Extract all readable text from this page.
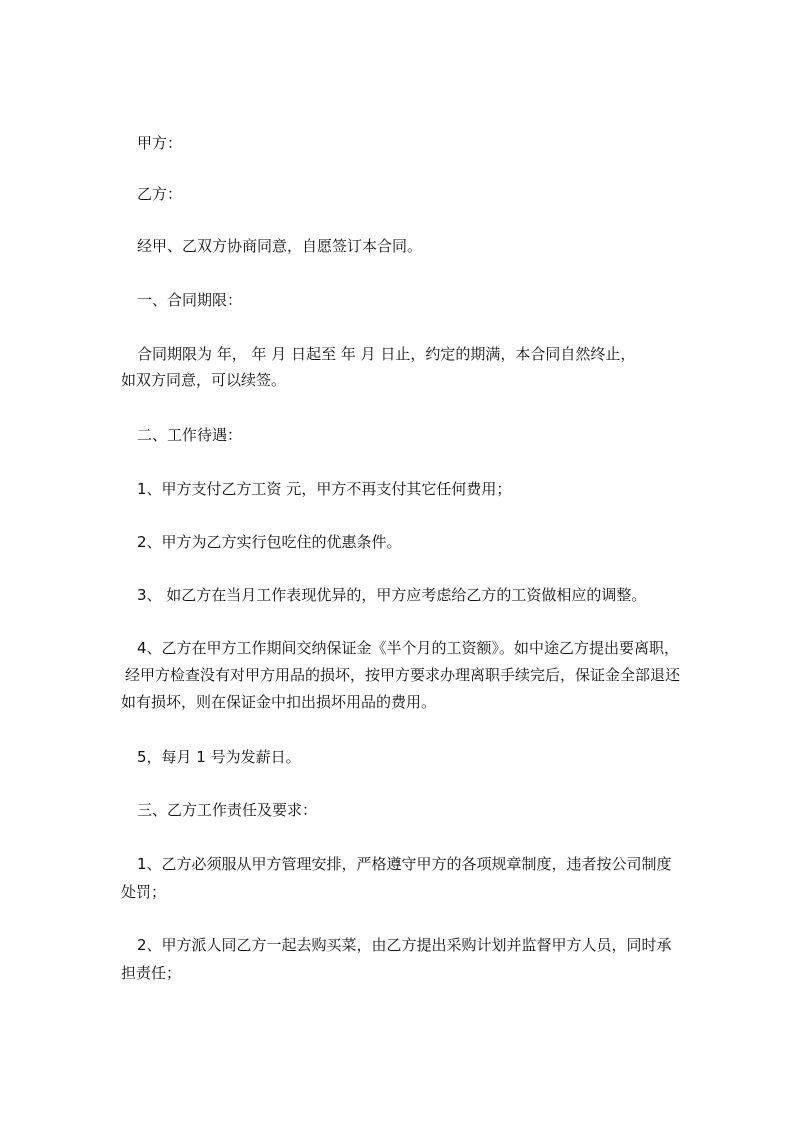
甲方：
乙方：
经甲、乙双方协商同意，自愿签订本合同。
一、合同期限：
合同期限为 年， 年 月 日起至 年 月 日止，约定的期满，本合同自然终止，
如双方同意，可以续签。
二、工作待遇：
1、甲方支付乙方工资 元，甲方不再支付其它任何费用；
2、甲方为乙方实行包吃住的优惠条件。
3、 如乙方在当月工作表现优异的，甲方应考虑给乙方的工资做相应的调整。
4、乙方在甲方工作期间交纳保证金《半个月的工资额》。如中途乙方提出要离职，
经甲方检查没有对甲方用品的损坏，按甲方要求办理离职手续完后，保证金全部退还
如有损坏，则在保证金中扣出损坏用品的费用。
5，每月 1 号为发薪日。
三、乙方工作责任及要求：
1、乙方必须服从甲方管理安排，严格遵守甲方的各项规章制度，违者按公司制度
处罚；
2、甲方派人同乙方一起去购买菜，由乙方提出采购计划并监督甲方人员，同时承
担责任；
